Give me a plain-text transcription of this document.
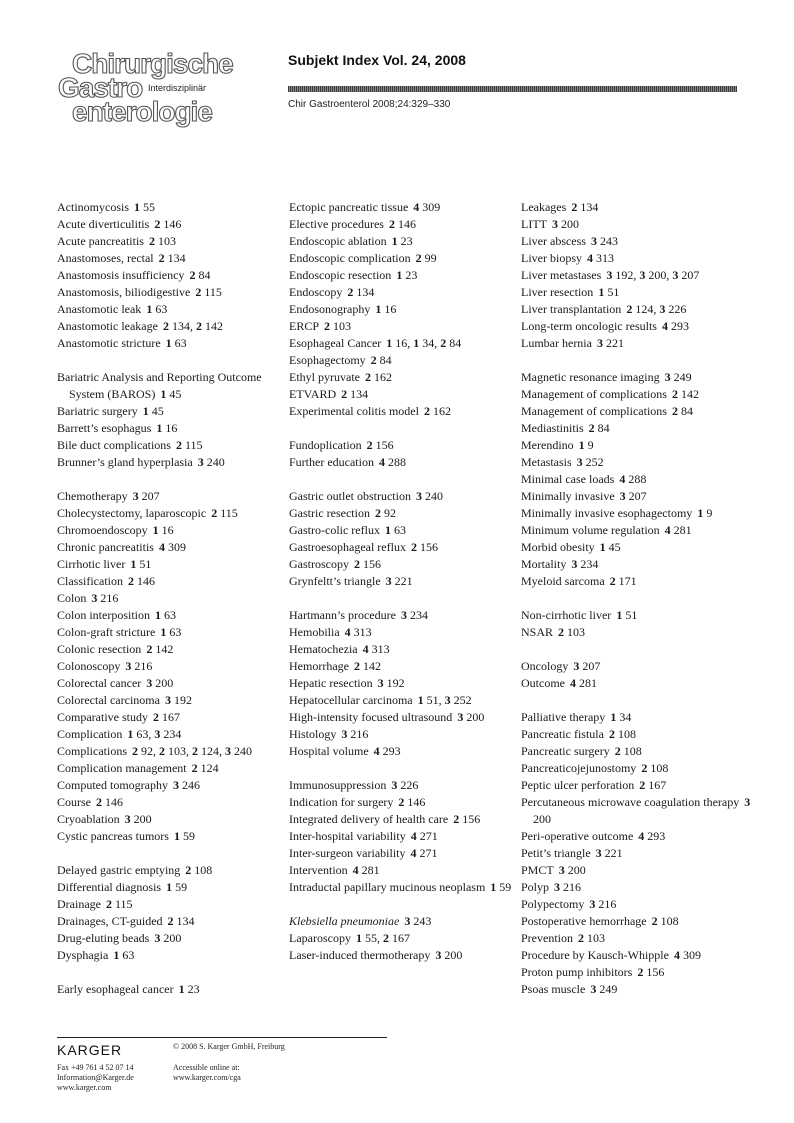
Chirurgische
Gastro Interdisziplinär
enterologie
Subjekt Index Vol. 24, 2008
Chir Gastroenterol 2008;24:329–330
Actinomycosis 1 55
Acute diverticulitis 2 146
Acute pancreatitis 2 103
Anastomoses, rectal 2 134
Anastomosis insufficiency 2 84
Anastomosis, biliodigestive 2 115
Anastomotic leak 1 63
Anastomotic leakage 2 134, 2 142
Anastomotic stricture 1 63
Bariatric Analysis and Reporting Outcome System (BAROS) 1 45
Bariatric surgery 1 45
Barrett’s esophagus 1 16
Bile duct complications 2 115
Brunner’s gland hyperplasia 3 240
Chemotherapy 3 207
Cholecystectomy, laparoscopic 2 115
Chromoendoscopy 1 16
Chronic pancreatitis 4 309
Cirrhotic liver 1 51
Classification 2 146
Colon 3 216
Colon interposition 1 63
Colon-graft stricture 1 63
Colonic resection 2 142
Colonoscopy 3 216
Colorectal cancer 3 200
Colorectal carcinoma 3 192
Comparative study 2 167
Complication 1 63, 3 234
Complications 2 92, 2 103, 2 124, 3 240
Complication management 2 124
Computed tomography 3 246
Course 2 146
Cryoablation 3 200
Cystic pancreas tumors 1 59
Delayed gastric emptying 2 108
Differential diagnosis 1 59
Drainage 2 115
Drainages, CT-guided 2 134
Drug-eluting beads 3 200
Dysphagia 1 63
Early esophageal cancer 1 23
Ectopic pancreatic tissue 4 309
Elective procedures 2 146
Endoscopic ablation 1 23
Endoscopic complication 2 99
Endoscopic resection 1 23
Endoscopy 2 134
Endosonography 1 16
ERCP 2 103
Esophageal Cancer 1 16, 1 34, 2 84
Esophagectomy 2 84
Ethyl pyruvate 2 162
ETVARD 2 134
Experimental colitis model 2 162
Fundoplication 2 156
Further education 4 288
Gastric outlet obstruction 3 240
Gastric resection 2 92
Gastro-colic reflux 1 63
Gastroesophageal reflux 2 156
Gastroscopy 2 156
Grynfeltt’s triangle 3 221
Hartmann’s procedure 3 234
Hemobilia 4 313
Hematochezia 4 313
Hemorrhage 2 142
Hepatic resection 3 192
Hepatocellular carcinoma 1 51, 3 252
High-intensity focused ultrasound 3 200
Histology 3 216
Hospital volume 4 293
Immunosuppression 3 226
Indication for surgery 2 146
Integrated delivery of health care 2 156
Inter-hospital variability 4 271
Inter-surgeon variability 4 271
Intervention 4 281
Intraductal papillary mucinous neoplasm 1 59
Klebsiella pneumoniae 3 243
Laparoscopy 1 55, 2 167
Laser-induced thermotherapy 3 200
Leakages 2 134
LITT 3 200
Liver abscess 3 243
Liver biopsy 4 313
Liver metastases 3 192, 3 200, 3 207
Liver resection 1 51
Liver transplantation 2 124, 3 226
Long-term oncologic results 4 293
Lumbar hernia 3 221
Magnetic resonance imaging 3 249
Management of complications 2 142
Management of complications 2 84
Mediastinitis 2 84
Merendino 1 9
Metastasis 3 252
Minimal case loads 4 288
Minimally invasive 3 207
Minimally invasive esophagectomy 1 9
Minimum volume regulation 4 281
Morbid obesity 1 45
Mortality 3 234
Myeloid sarcoma 2 171
Non-cirrhotic liver 1 51
NSAR 2 103
Oncology 3 207
Outcome 4 281
Palliative therapy 1 34
Pancreatic fistula 2 108
Pancreatic surgery 2 108
Pancreaticojejunostomy 2 108
Peptic ulcer perforation 2 167
Percutaneous microwave coagulation therapy 3 200
Peri-operative outcome 4 293
Petit’s triangle 3 221
PMCT 3 200
Polyp 3 216
Polypectomy 3 216
Postoperative hemorrhage 2 108
Prevention 2 103
Procedure by Kausch-Whipple 4 309
Proton pump inhibitors 2 156
Psoas muscle 3 249
KARGER
Fax +49 761 4 52 07 14
Information@Karger.de
www.karger.com
© 2008 S. Karger GmbH, Freiburg
Accessible online at:
www.karger.com/cga
